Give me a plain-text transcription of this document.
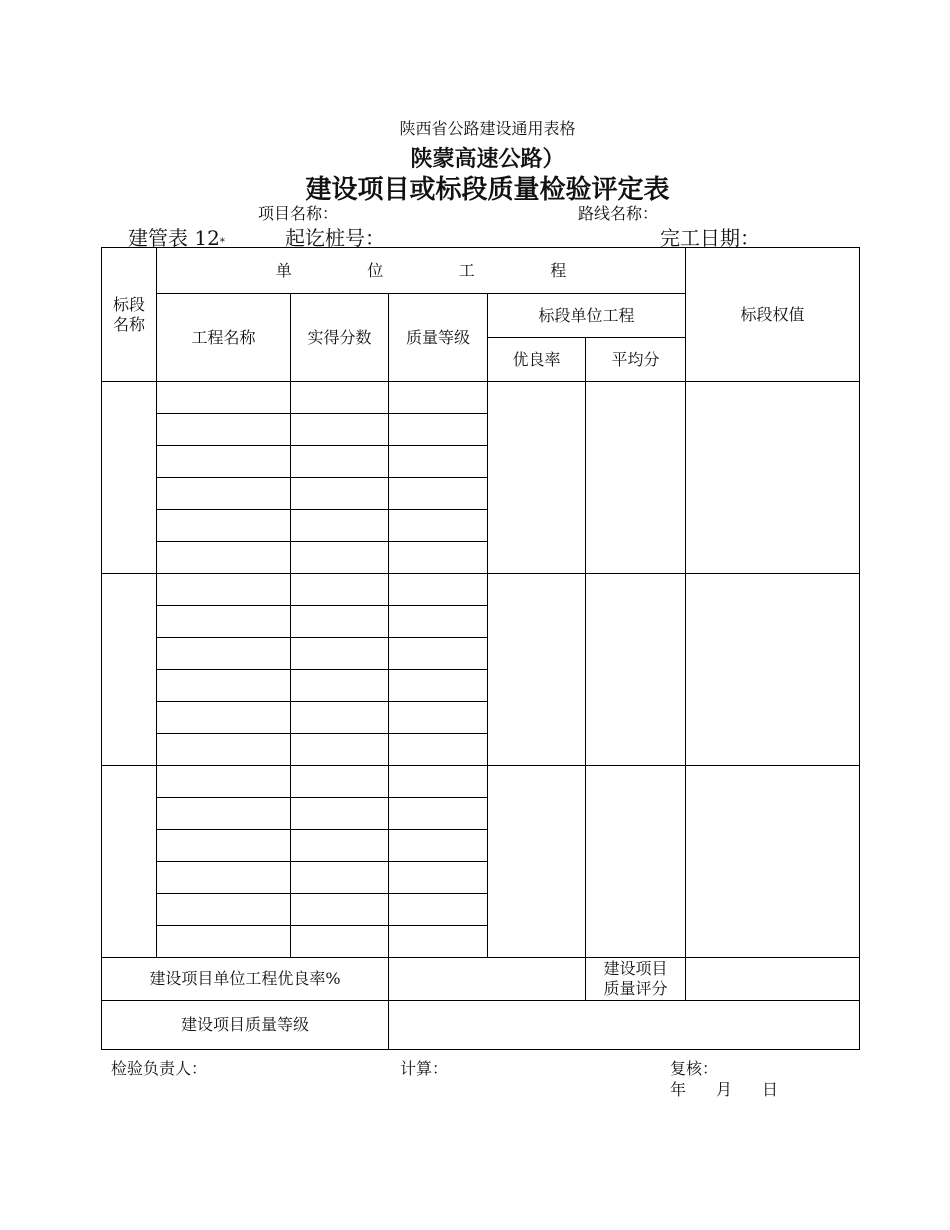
陕西省公路建设通用表格
陕蒙高速公路）
建设项目或标段质量检验评定表
项目名称：	路线名称：
建管表 12*	起讫桩号：	完工日期：
标段名称	单 位 工 程					标段权值
	工程名称	实得分数	质量等级	标段单位工程		
				优良率	平均分	

建设项目单位工程优良率%					建设项目质量评分	
建设项目质量等级						
检验负责人：	计算：	复核：
年 月 日
